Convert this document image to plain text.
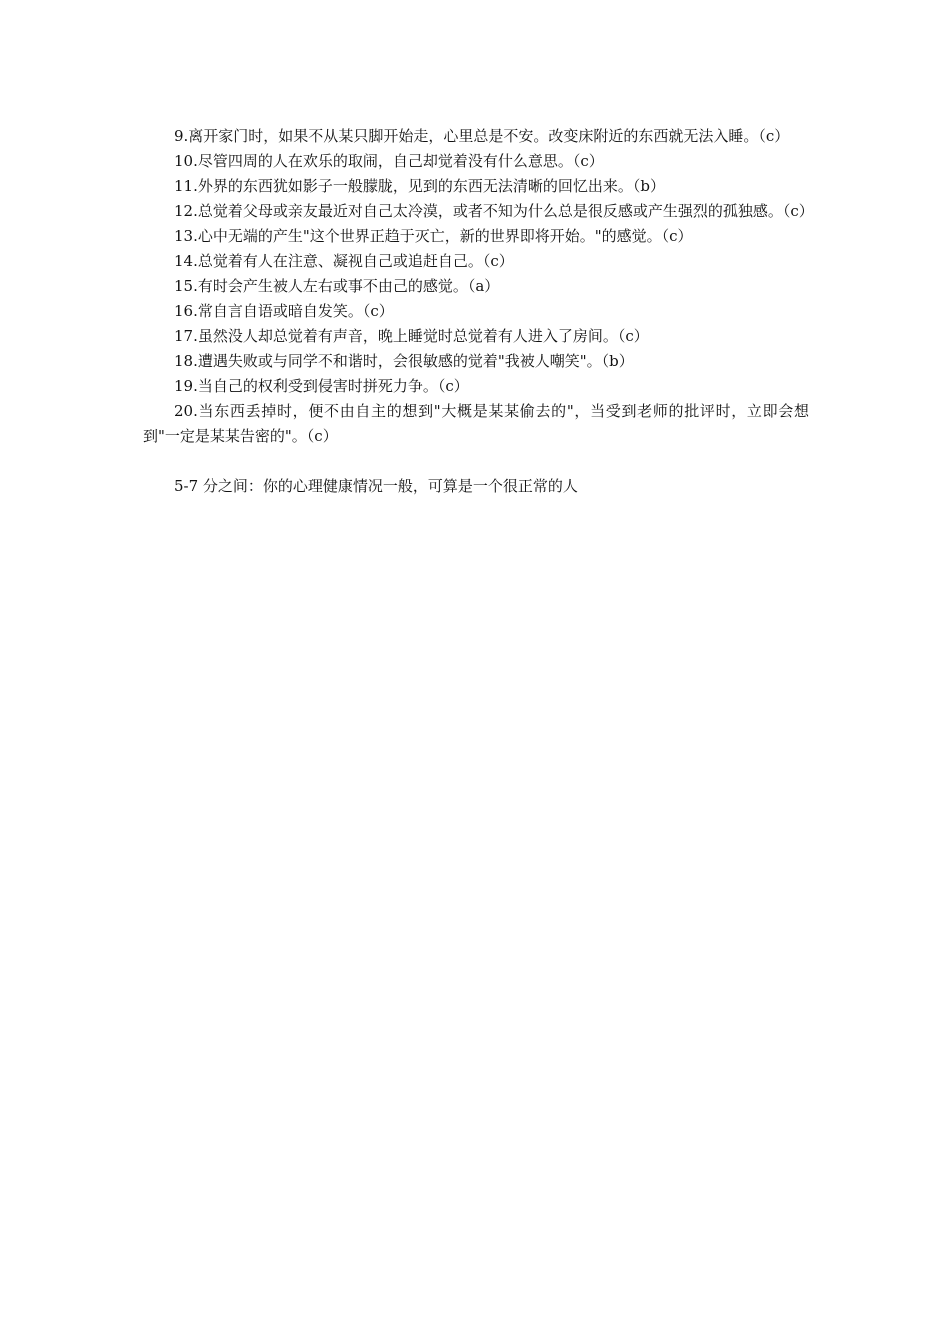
9.离开家门时，如果不从某只脚开始走，心里总是不安。改变床附近的东西就无法入睡。（c）

10.尽管四周的人在欢乐的取闹，自己却觉着没有什么意思。（c）

11.外界的东西犹如影子一般朦胧，见到的东西无法清晰的回忆出来。（b）

12.总觉着父母或亲友最近对自己太冷漠，或者不知为什么总是很反感或产生强烈的孤独感。（c）

13.心中无端的产生"这个世界正趋于灭亡，新的世界即将开始。"的感觉。（c）

14.总觉着有人在注意、凝视自己或追赶自己。（c）

15.有时会产生被人左右或事不由己的感觉。（a）

16.常自言自语或暗自发笑。（c）

17.虽然没人却总觉着有声音，晚上睡觉时总觉着有人进入了房间。（c）

18.遭遇失败或与同学不和谐时，会很敏感的觉着"我被人嘲笑"。（b）

19.当自己的权利受到侵害时拼死力争。（c）

20.当东西丢掉时，便不由自主的想到"大概是某某偷去的"，当受到老师的批评时，立即会想到"一定是某某告密的"。（c）

5-7 分之间：你的心理健康情况一般，可算是一个很正常的人
